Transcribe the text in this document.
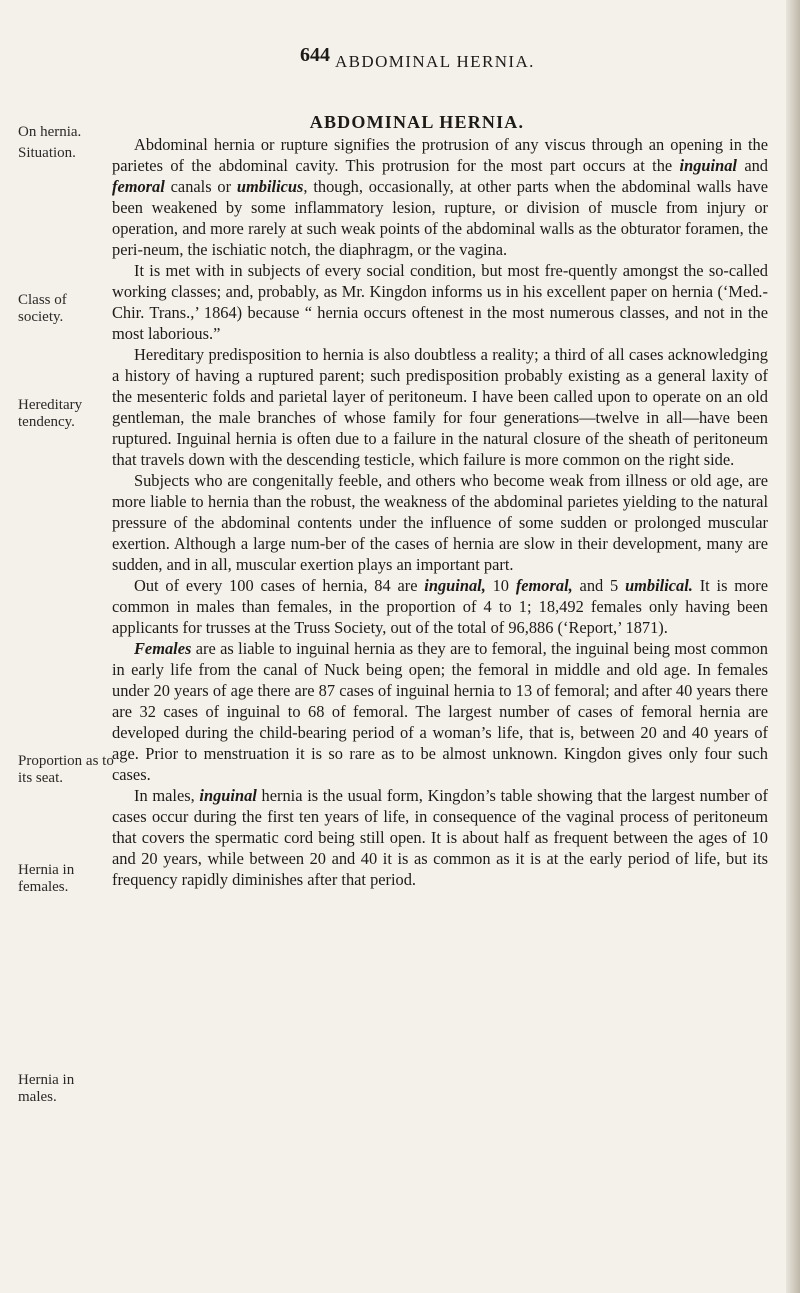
644 ABDOMINAL HERNIA.
ABDOMINAL HERNIA.
On hernia.
Situation.
Class of society.
Hereditary tendency.
Proportion as to its seat.
Hernia in females.
Hernia in males.

Abdominal hernia or rupture signifies the protrusion of any viscus through an opening in the parietes of the abdominal cavity. This protrusion for the most part occurs at the inguinal and femoral canals or umbilicus, though, occasionally, at other parts when the abdominal walls have been weakened by some inflammatory lesion, rupture, or division of muscle from injury or operation, and more rarely at such weak points of the abdominal walls as the obturator foramen, the peri-neum, the ischiatic notch, the diaphragm, or the vagina.

It is met with in subjects of every social condition, but most fre-quently amongst the so-called working classes; and, probably, as Mr. Kingdon informs us in his excellent paper on hernia (‘Med.-Chir. Trans.,’ 1864) because “ hernia occurs oftenest in the most numerous classes, and not in the most laborious.”

Hereditary predisposition to hernia is also doubtless a reality; a third of all cases acknowledging a history of having a ruptured parent; such predisposition probably existing as a general laxity of the mesenteric folds and parietal layer of peritoneum. I have been called upon to operate on an old gentleman, the male branches of whose family for four generations—twelve in all—have been ruptured. Inguinal hernia is often due to a failure in the natural closure of the sheath of peritoneum that travels down with the descending testicle, which failure is more common on the right side.

Subjects who are congenitally feeble, and others who become weak from illness or old age, are more liable to hernia than the robust, the weakness of the abdominal parietes yielding to the natural pressure of the abdominal contents under the influence of some sudden or prolonged muscular exertion. Although a large num-ber of the cases of hernia are slow in their development, many are sudden, and in all, muscular exertion plays an important part.

Out of every 100 cases of hernia, 84 are inguinal, 10 femoral, and 5 umbilical. It is more common in males than females, in the proportion of 4 to 1; 18,492 females only having been applicants for trusses at the Truss Society, out of the total of 96,886 (‘Report,’ 1871).

Females are as liable to inguinal hernia as they are to femoral, the inguinal being most common in early life from the canal of Nuck being open; the femoral in middle and old age. In females under 20 years of age there are 87 cases of inguinal hernia to 13 of femoral; and after 40 years there are 32 cases of inguinal to 68 of femoral. The largest number of cases of femoral hernia are developed during the child-bearing period of a woman’s life, that is, between 20 and 40 years of age. Prior to menstruation it is so rare as to be almost unknown. Kingdon gives only four such cases.

In males, inguinal hernia is the usual form, Kingdon’s table showing that the largest number of cases occur during the first ten years of life, in consequence of the vaginal process of peritoneum that covers the spermatic cord being still open. It is about half as frequent between the ages of 10 and 20 years, while between 20 and 40 it is as common as it is at the early period of life, but its frequency rapidly diminishes after that period.
